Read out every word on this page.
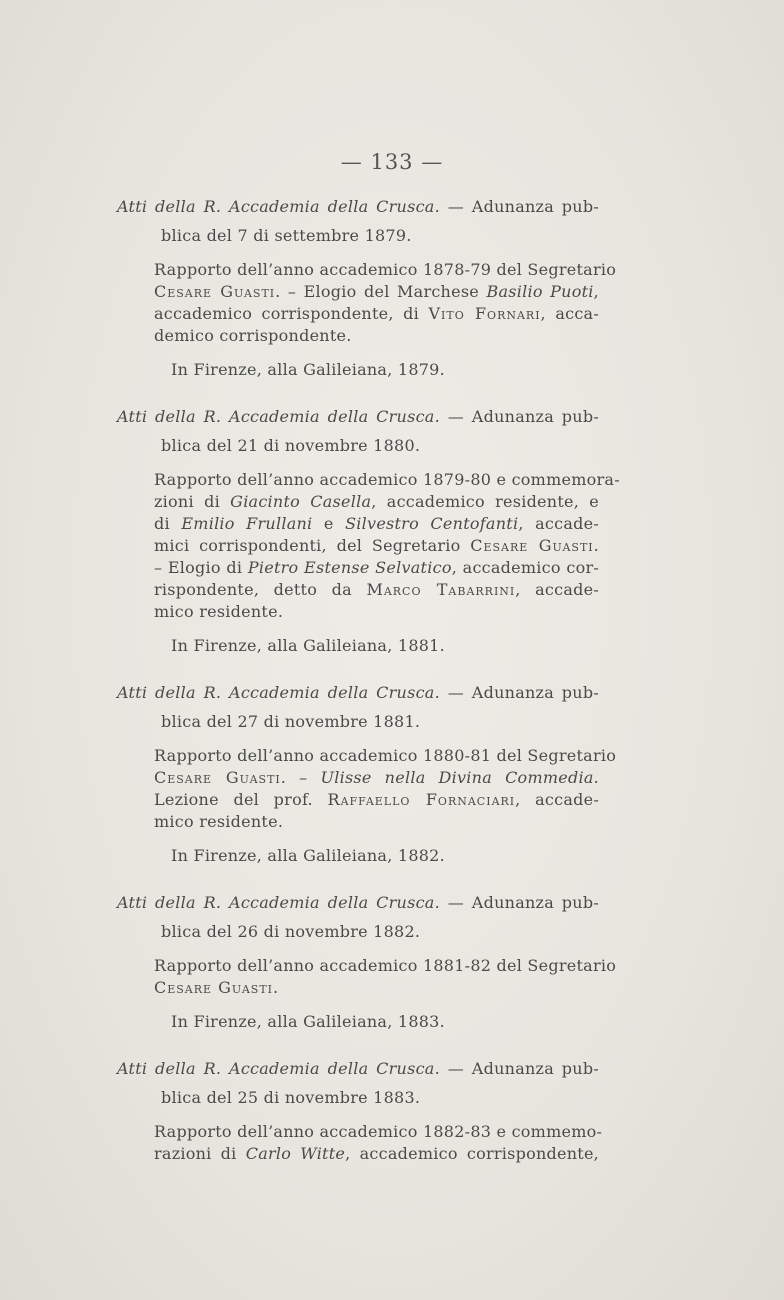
— 133 —
Atti della R. Accademia della Crusca. — Adunanza pub-
blica del 7 di settembre 1879.
Rapporto dell’anno accademico 1878-79 del Segretario
Cesare Guasti. – Elogio del Marchese Basilio Puoti,
accademico corrispondente, di Vito Fornari, acca-
demico corrispondente.
In Firenze, alla Galileiana, 1879.
Atti della R. Accademia della Crusca. — Adunanza pub-
blica del 21 di novembre 1880.
Rapporto dell’anno accademico 1879-80 e commemora-
zioni di Giacinto Casella, accademico residente, e
di Emilio Frullani e Silvestro Centofanti, accade-
mici corrispondenti, del Segretario Cesare Guasti.
– Elogio di Pietro Estense Selvatico, accademico cor-
rispondente, detto da Marco Tabarrini, accade-
mico residente.
In Firenze, alla Galileiana, 1881.
Atti della R. Accademia della Crusca. — Adunanza pub-
blica del 27 di novembre 1881.
Rapporto dell’anno accademico 1880-81 del Segretario
Cesare Guasti. – Ulisse nella Divina Commedia.
Lezione del prof. Raffaello Fornaciari, accade-
mico residente.
In Firenze, alla Galileiana, 1882.
Atti della R. Accademia della Crusca. — Adunanza pub-
blica del 26 di novembre 1882.
Rapporto dell’anno accademico 1881-82 del Segretario
Cesare Guasti.
In Firenze, alla Galileiana, 1883.
Atti della R. Accademia della Crusca. — Adunanza pub-
blica del 25 di novembre 1883.
Rapporto dell’anno accademico 1882-83 e commemo-
razioni di Carlo Witte, accademico corrispondente,
